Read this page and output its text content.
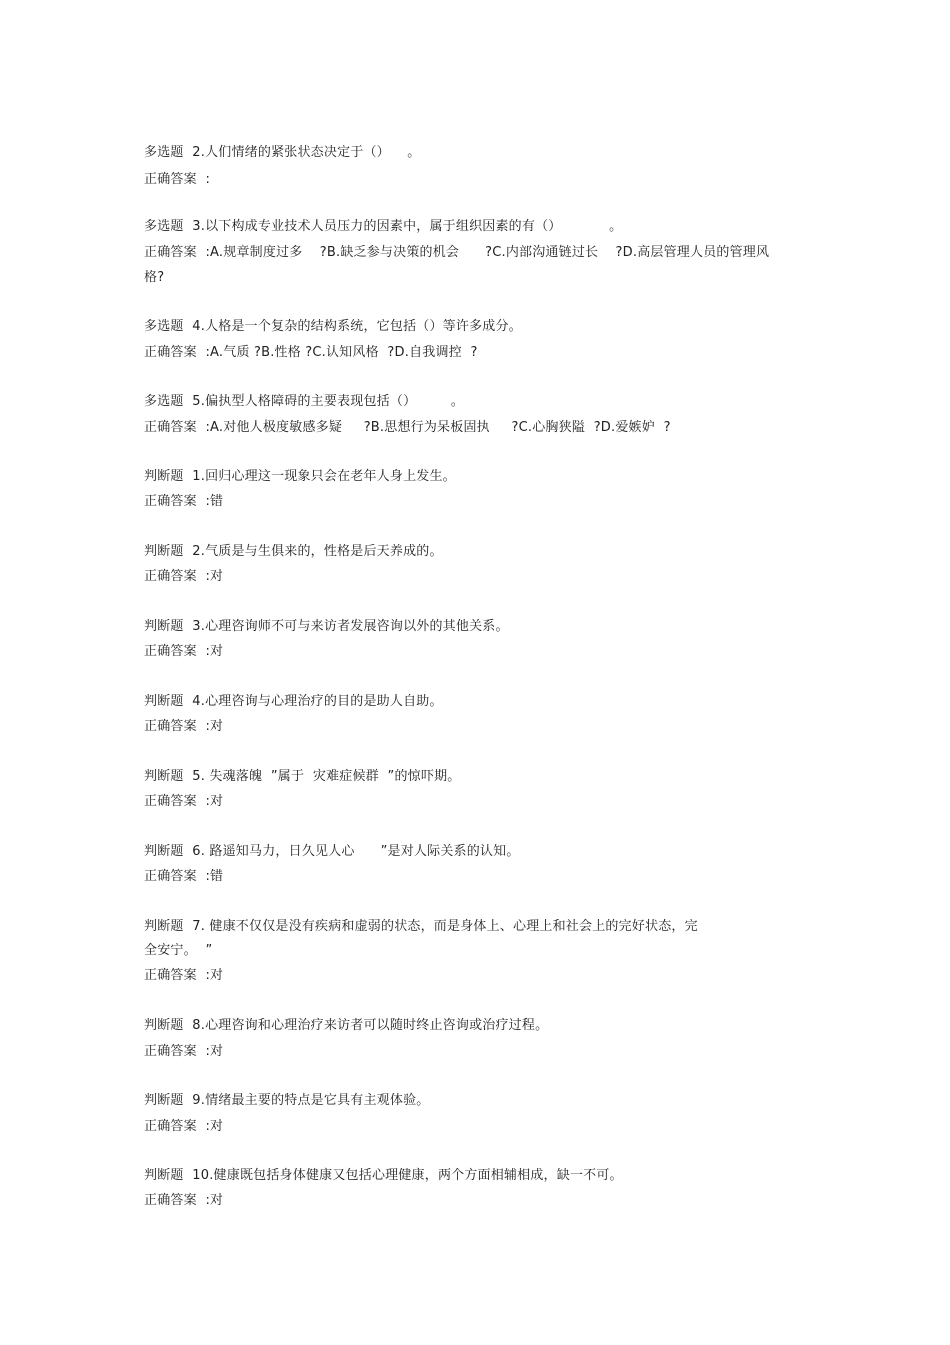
多选题  2.人们情绪的紧张状态决定于（）    。
正确答案  :
多选题  3.以下构成专业技术人员压力的因素中，属于组织因素的有（）           。
正确答案  :A.规章制度过多    ?B.缺乏参与决策的机会      ?C.内部沟通链过长    ?D.高层管理人员的管理风
格?
多选题  4.人格是一个复杂的结构系统，它包括（）等许多成分。
正确答案  :A.气质 ?B.性格 ?C.认知风格  ?D.自我调控  ?
多选题  5.偏执型人格障碍的主要表现包括（）        。
正确答案  :A.对他人极度敏感多疑     ?B.思想行为呆板固执     ?C.心胸狭隘  ?D.爱嫉妒  ?
判断题  1.回归心理这一现象只会在老年人身上发生。
正确答案  :错
判断题  2.气质是与生俱来的，性格是后天养成的。
正确答案  :对
判断题  3.心理咨询师不可与来访者发展咨询以外的其他关系。
正确答案  :对
判断题  4.心理咨询与心理治疗的目的是助人自助。
正确答案  :对
判断题  5. 失魂落魄  ”属于  灾难症候群  ”的惊吓期。
正确答案  :对
判断题  6. 路遥知马力，日久见人心      ”是对人际关系的认知。
正确答案  :错
判断题  7. 健康不仅仅是没有疾病和虚弱的状态，而是身体上、心理上和社会上的完好状态，完
全安宁。  ”
正确答案  :对
判断题  8.心理咨询和心理治疗来访者可以随时终止咨询或治疗过程。
正确答案  :对
判断题  9.情绪最主要的特点是它具有主观体验。
正确答案  :对
判断题  10.健康既包括身体健康又包括心理健康，两个方面相辅相成，缺一不可。
正确答案  :对
